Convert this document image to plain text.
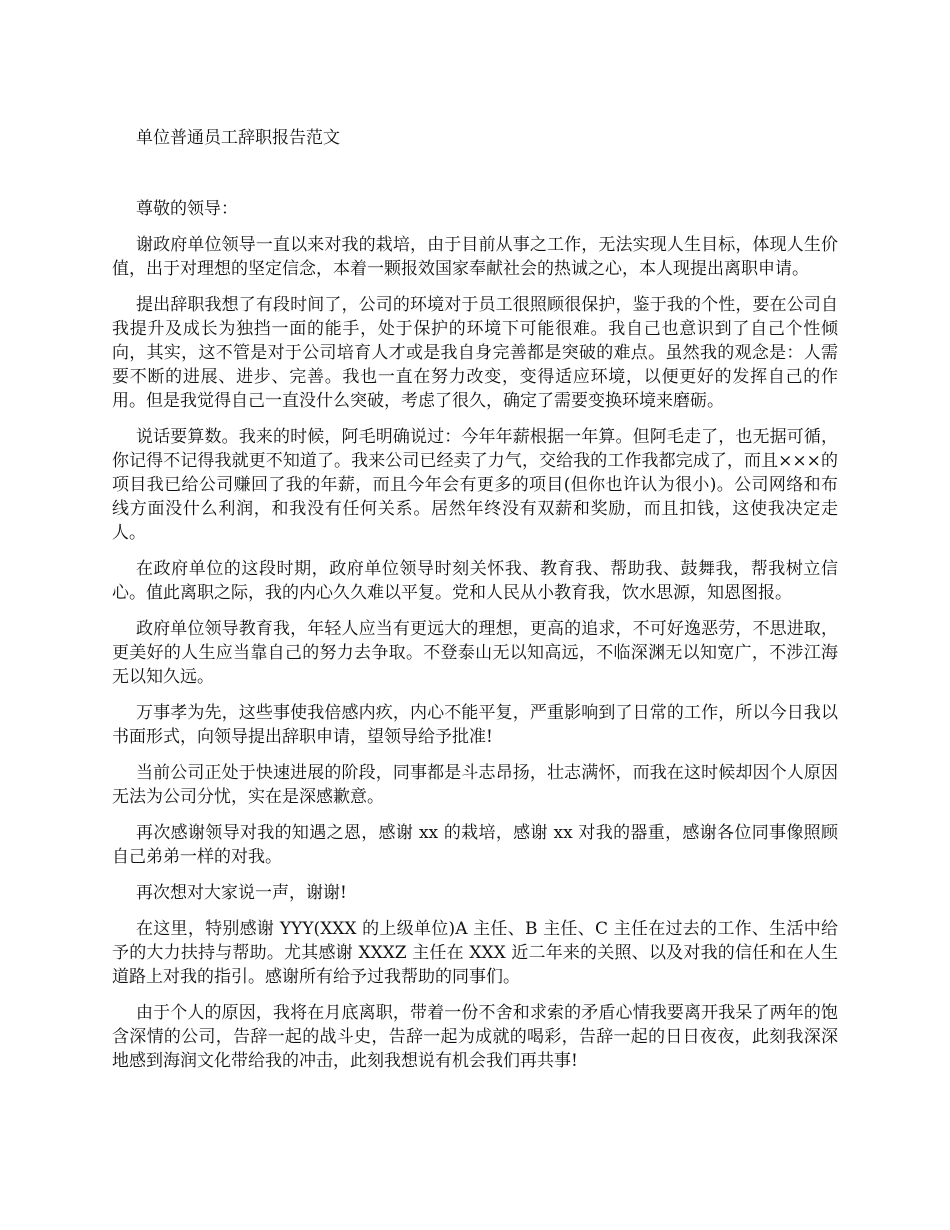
单位普通员工辞职报告范文

尊敬的领导：

谢政府单位领导一直以来对我的栽培，由于目前从事之工作，无法实现人生目标，体现人生价值，出于对理想的坚定信念，本着一颗报效国家奉献社会的热诚之心，本人现提出离职申请。

提出辞职我想了有段时间了，公司的环境对于员工很照顾很保护，鉴于我的个性，要在公司自我提升及成长为独挡一面的能手，处于保护的环境下可能很难。我自己也意识到了自己个性倾向，其实，这不管是对于公司培育人才或是我自身完善都是突破的难点。虽然我的观念是：人需要不断的进展、进步、完善。我也一直在努力改变，变得适应环境，以便更好的发挥自己的作用。但是我觉得自己一直没什么突破，考虑了很久，确定了需要变换环境来磨砺。

说话要算数。我来的时候，阿毛明确说过：今年年薪根据一年算。但阿毛走了，也无据可循，你记得不记得我就更不知道了。我来公司已经卖了力气，交给我的工作我都完成了，而且×××的项目我已给公司赚回了我的年薪，而且今年会有更多的项目(但你也许认为很小)。公司网络和布线方面没什么利润，和我没有任何关系。居然年终没有双薪和奖励，而且扣钱，这使我决定走人。

在政府单位的这段时期，政府单位领导时刻关怀我、教育我、帮助我、鼓舞我，帮我树立信心。值此离职之际，我的内心久久难以平复。党和人民从小教育我，饮水思源，知恩图报。

政府单位领导教育我，年轻人应当有更远大的理想，更高的追求，不可好逸恶劳，不思进取，更美好的人生应当靠自己的努力去争取。不登泰山无以知高远，不临深渊无以知宽广，不涉江海无以知久远。

万事孝为先，这些事使我倍感内疚，内心不能平复，严重影响到了日常的工作，所以今日我以书面形式，向领导提出辞职申请，望领导给予批准!

当前公司正处于快速进展的阶段，同事都是斗志昂扬，壮志满怀，而我在这时候却因个人原因无法为公司分忧，实在是深感歉意。

再次感谢领导对我的知遇之恩，感谢 xx 的栽培，感谢 xx 对我的器重，感谢各位同事像照顾自己弟弟一样的对我。

再次想对大家说一声，谢谢!

在这里，特别感谢 YYY(XXX 的上级单位)A 主任、B 主任、C 主任在过去的工作、生活中给予的大力扶持与帮助。尤其感谢 XXXZ 主任在 XXX 近二年来的关照、以及对我的信任和在人生道路上对我的指引。感谢所有给予过我帮助的同事们。

由于个人的原因，我将在月底离职，带着一份不舍和求索的矛盾心情我要离开我呆了两年的饱含深情的公司，告辞一起的战斗史，告辞一起为成就的喝彩，告辞一起的日日夜夜，此刻我深深地感到海润文化带给我的冲击，此刻我想说有机会我们再共事!
